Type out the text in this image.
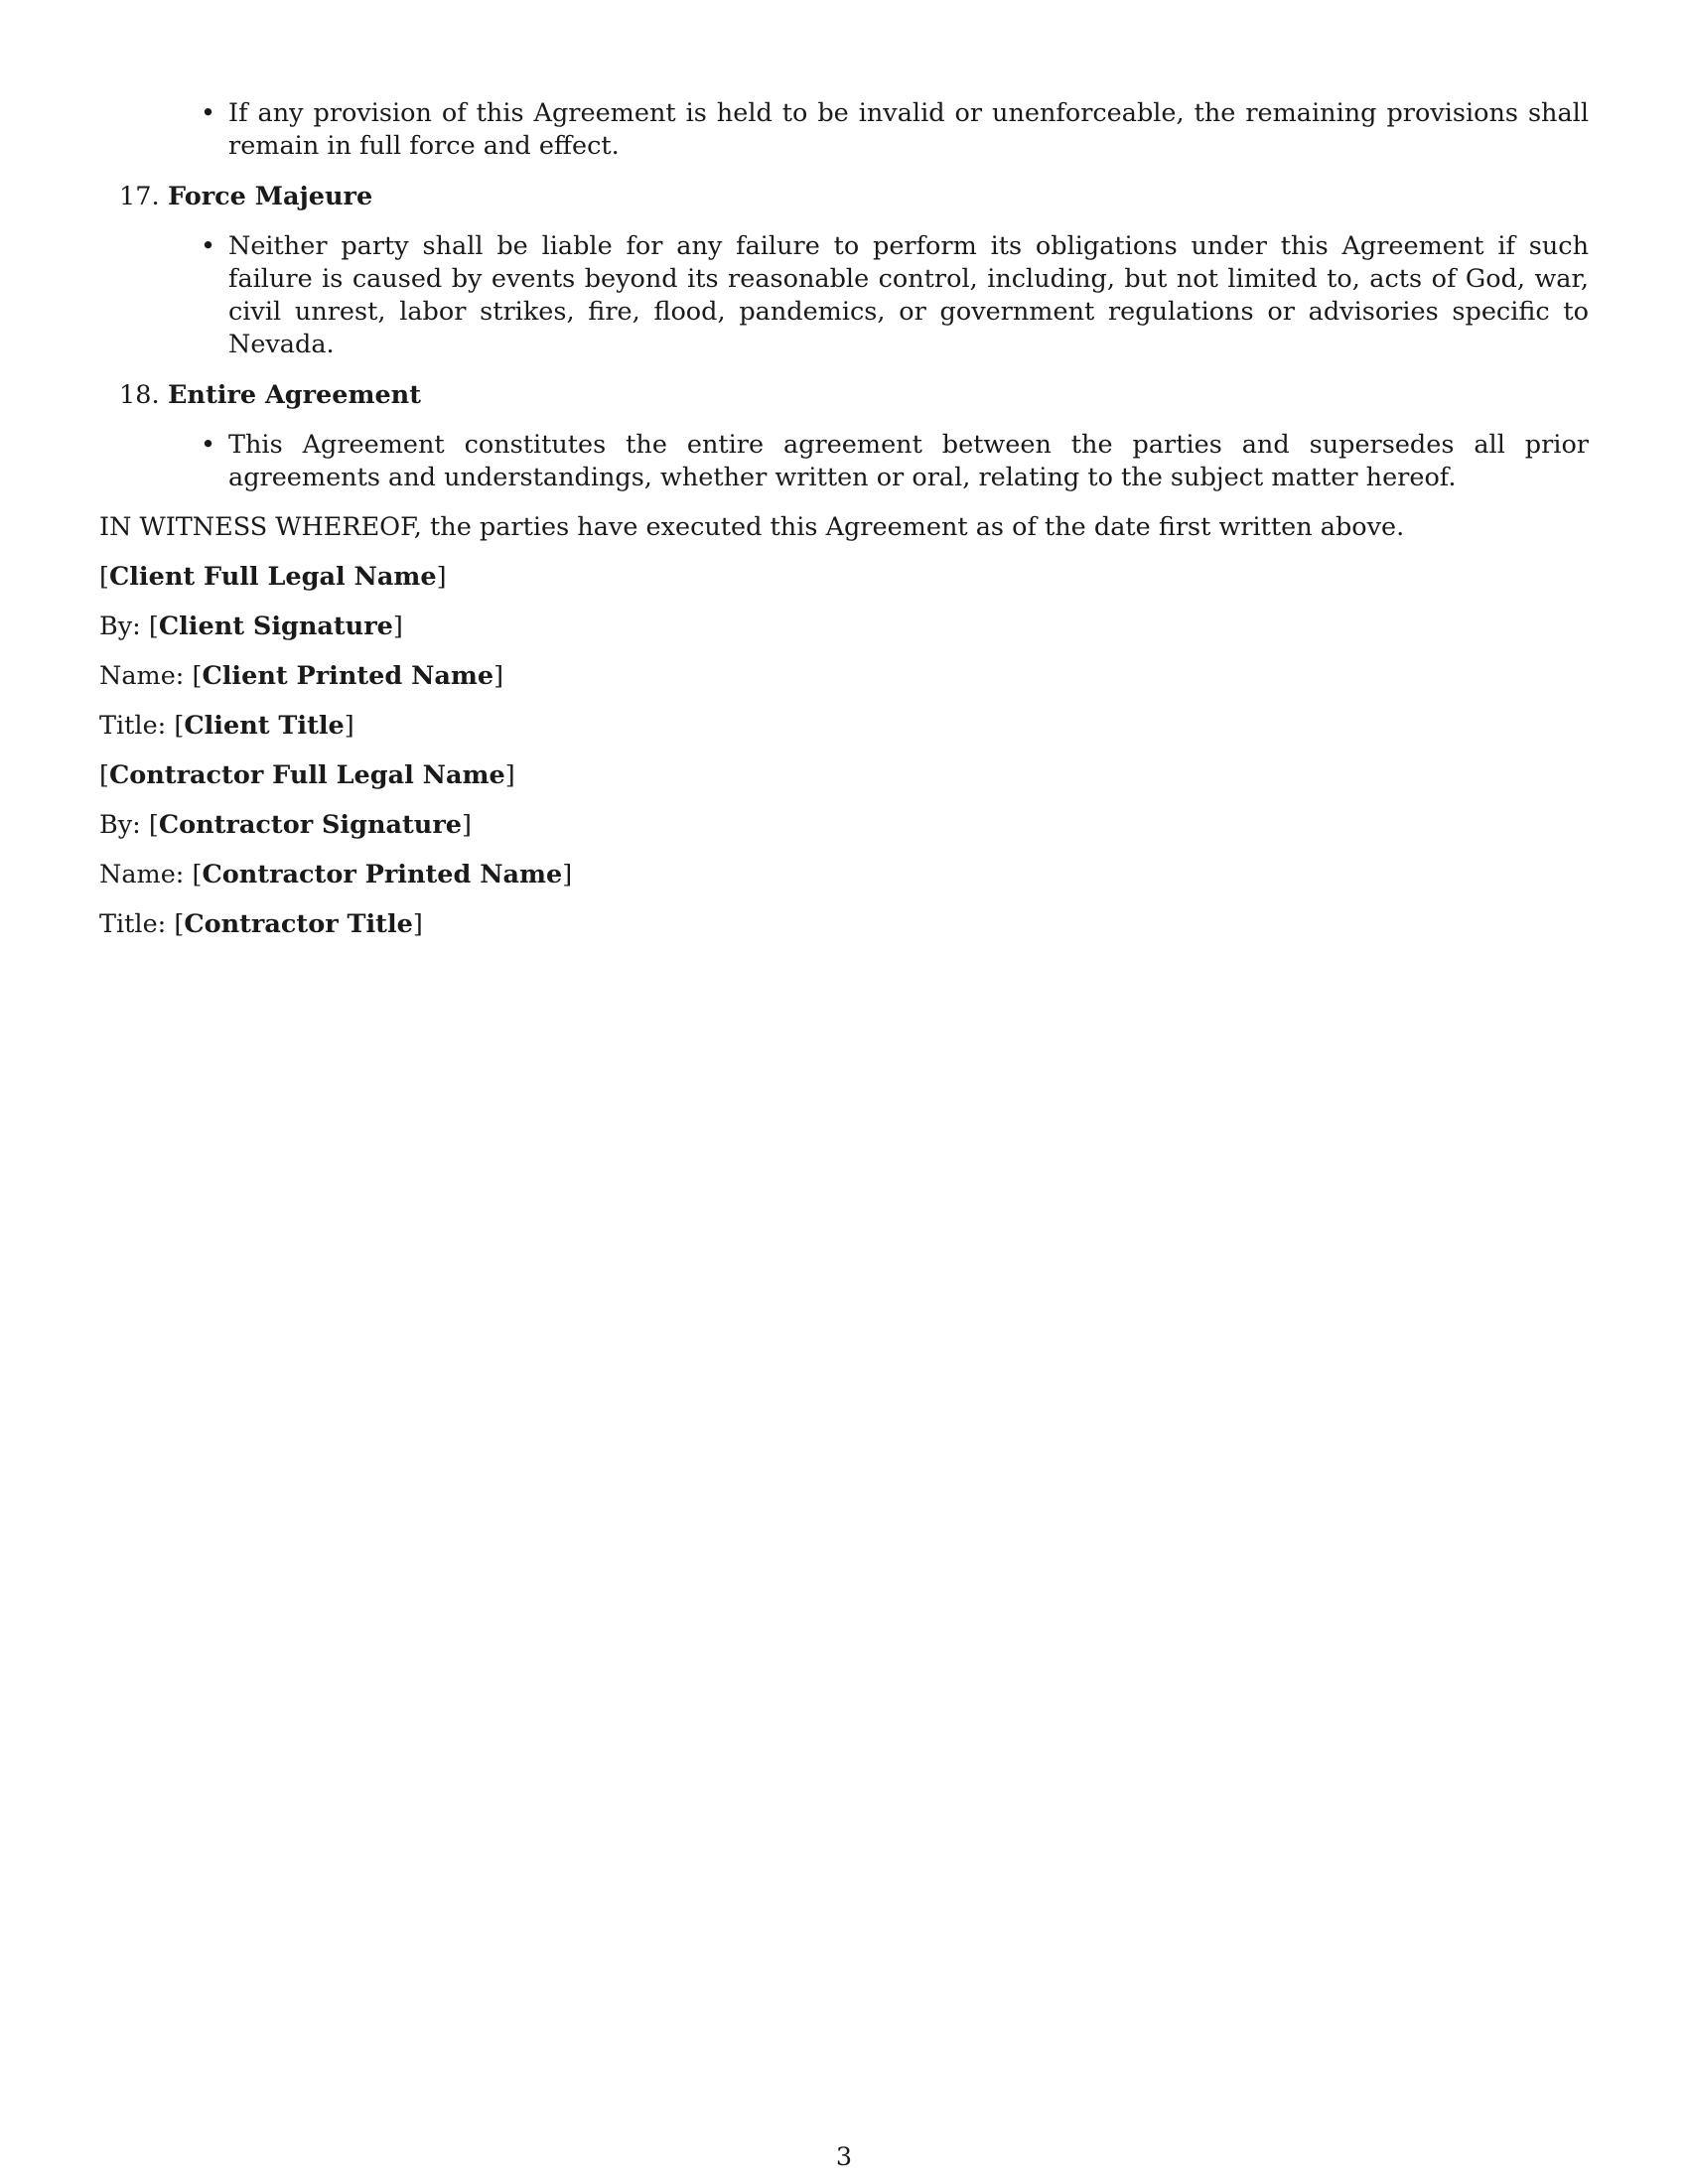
• If any provision of this Agreement is held to be invalid or unenforceable, the remaining provisions shall remain in full force and effect.
17. Force Majeure
• Neither party shall be liable for any failure to perform its obligations under this Agreement if such failure is caused by events beyond its reasonable control, including, but not limited to, acts of God, war, civil unrest, labor strikes, fire, flood, pandemics, or government regulations or advisories specific to Nevada.
18. Entire Agreement
• This Agreement constitutes the entire agreement between the parties and supersedes all prior agreements and understandings, whether written or oral, relating to the subject matter hereof.
IN WITNESS WHEREOF, the parties have executed this Agreement as of the date first written above.
[Client Full Legal Name]
By: [Client Signature]
Name: [Client Printed Name]
Title: [Client Title]
[Contractor Full Legal Name]
By: [Contractor Signature]
Name: [Contractor Printed Name]
Title: [Contractor Title]
3
